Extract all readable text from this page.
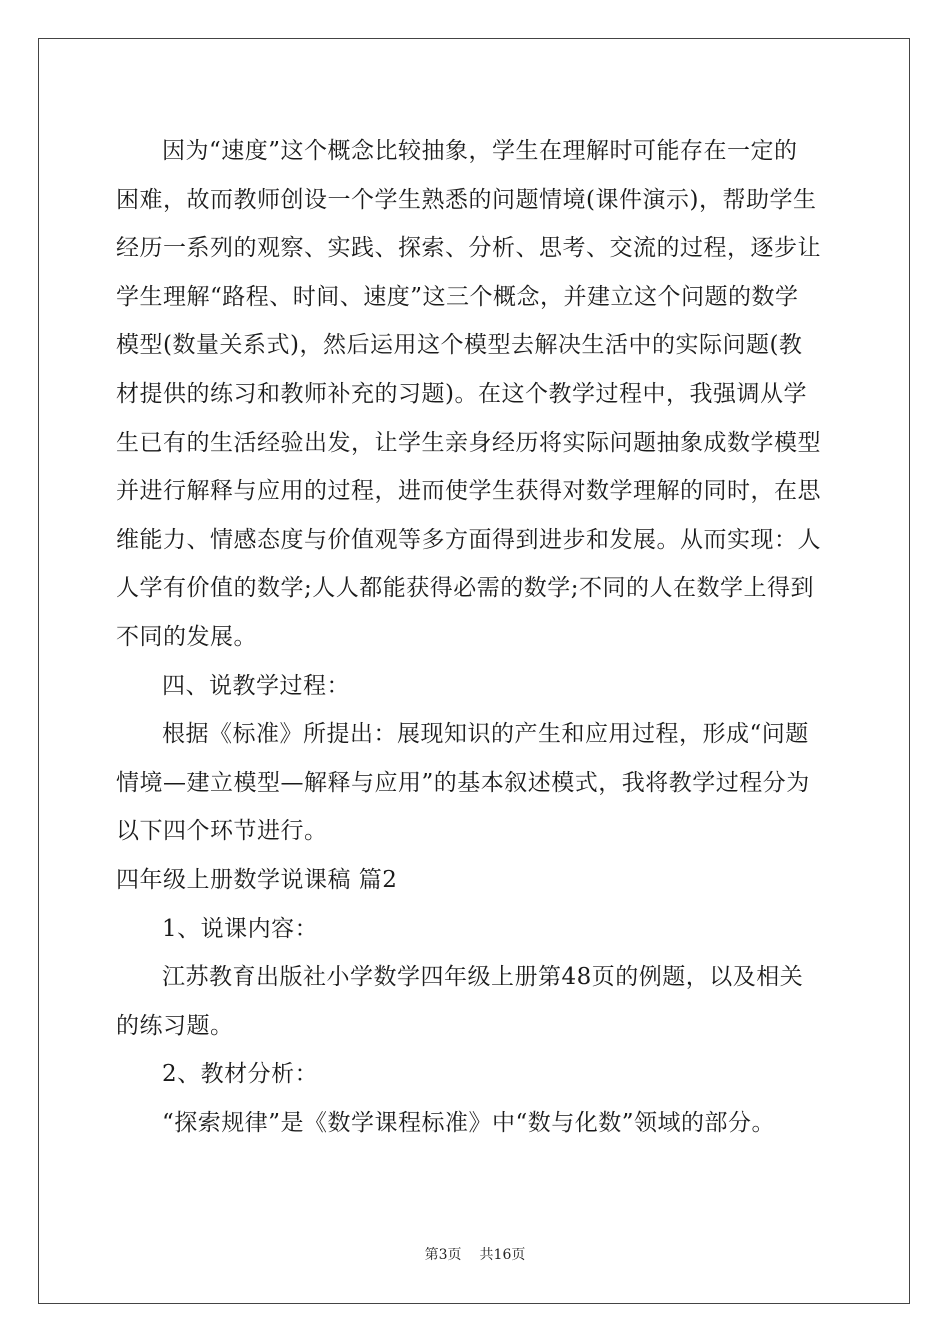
因为“速度”这个概念比较抽象，学生在理解时可能存在一定的
困难，故而教师创设一个学生熟悉的问题情境(课件演示)，帮助学生
经历一系列的观察、实践、探索、分析、思考、交流的过程，逐步让
学生理解“路程、时间、速度”这三个概念，并建立这个问题的数学
模型(数量关系式)，然后运用这个模型去解决生活中的实际问题(教
材提供的练习和教师补充的习题)。在这个教学过程中，我强调从学
生已有的生活经验出发，让学生亲身经历将实际问题抽象成数学模型
并进行解释与应用的过程，进而使学生获得对数学理解的同时，在思
维能力、情感态度与价值观等多方面得到进步和发展。从而实现：人
人学有价值的数学;人人都能获得必需的数学;不同的人在数学上得到
不同的发展。
四、说教学过程：
根据《标准》所提出：展现知识的产生和应用过程，形成“问题
情境—建立模型—解释与应用”的基本叙述模式，我将教学过程分为
以下四个环节进行。
四年级上册数学说课稿 篇2
1、说课内容：
江苏教育出版社小学数学四年级上册第48页的例题，以及相关
的练习题。
2、教材分析：
“探索规律”是《数学课程标准》中“数与化数”领域的部分。
第3页 共16页
